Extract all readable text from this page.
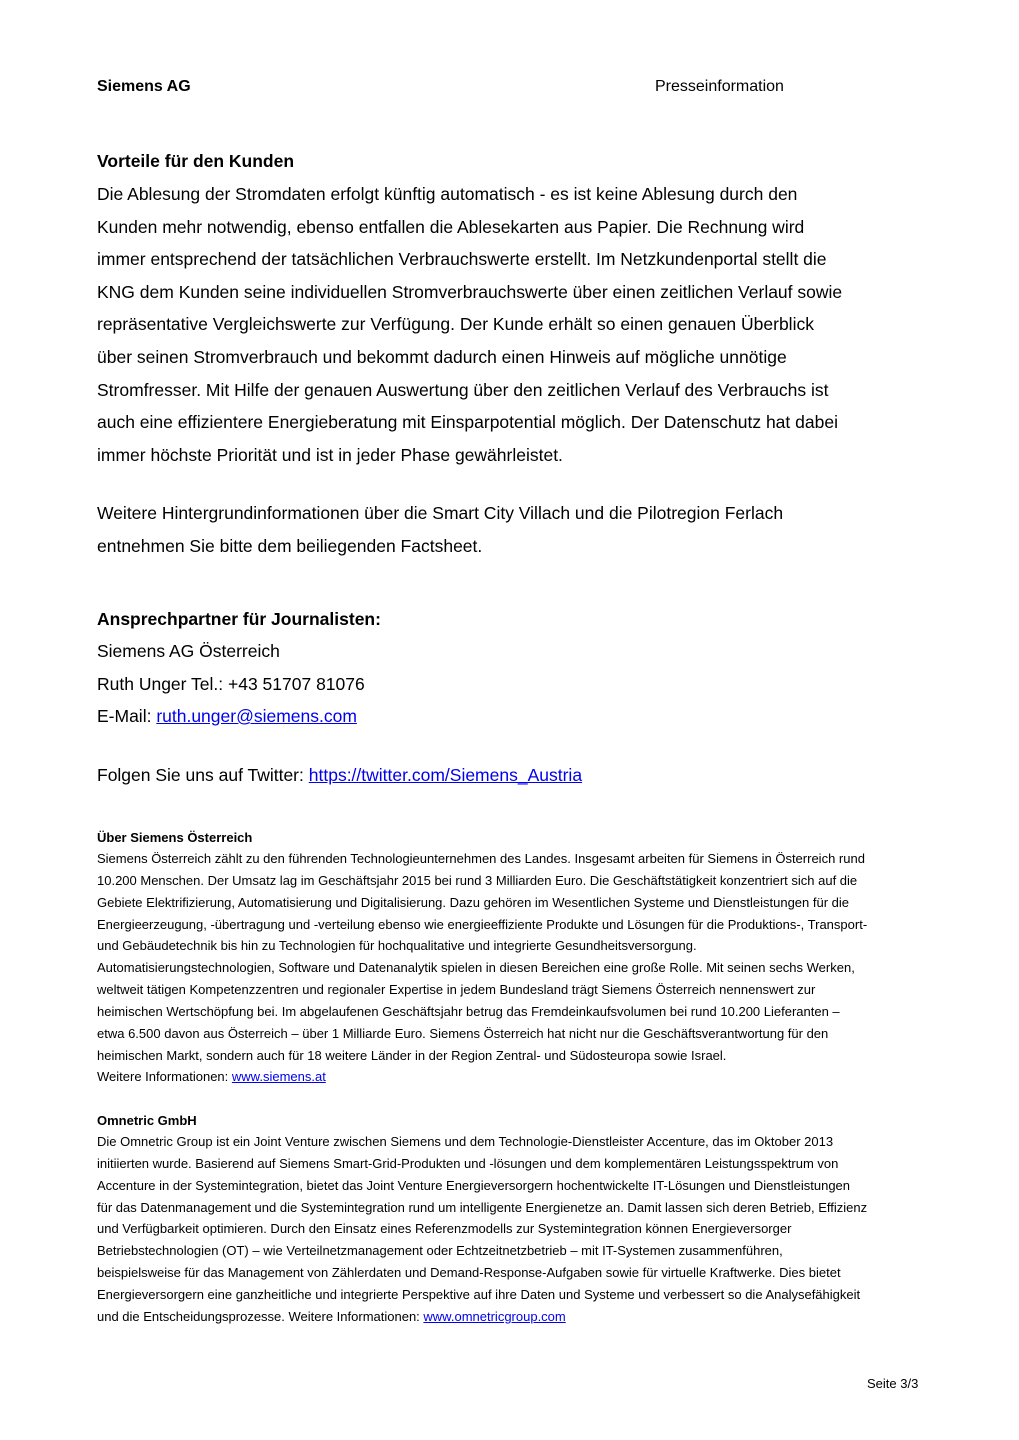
Siemens AG	Presseinformation
Vorteile für den Kunden

Die Ablesung der Stromdaten erfolgt künftig automatisch - es ist keine Ablesung durch den
Kunden mehr notwendig, ebenso entfallen die Ablesekarten aus Papier. Die Rechnung wird
immer entsprechend der tatsächlichen Verbrauchswerte erstellt. Im Netzkundenportal stellt die
KNG dem Kunden seine individuellen Stromverbrauchswerte über einen zeitlichen Verlauf sowie
repräsentative Vergleichswerte zur Verfügung. Der Kunde erhält so einen genauen Überblick
über seinen Stromverbrauch und bekommt dadurch einen Hinweis auf mögliche unnötige
Stromfresser. Mit Hilfe der genauen Auswertung über den zeitlichen Verlauf des Verbrauchs ist
auch eine effizientere Energieberatung mit Einsparpotential möglich. Der Datenschutz hat dabei
immer höchste Priorität und ist in jeder Phase gewährleistet.

Weitere Hintergrundinformationen über die Smart City Villach und die Pilotregion Ferlach
entnehmen Sie bitte dem beiliegenden Factsheet.

Ansprechpartner für Journalisten:
Siemens AG Österreich
Ruth Unger Tel.: +43 51707 81076
E-Mail: ruth.unger@siemens.com
Folgen Sie uns auf Twitter: https://twitter.com/Siemens_Austria
Über Siemens Österreich

Siemens Österreich zählt zu den führenden Technologieunternehmen des Landes. Insgesamt arbeiten für Siemens in Österreich rund
10.200 Menschen. Der Umsatz lag im Geschäftsjahr 2015 bei rund 3 Milliarden Euro. Die Geschäftstätigkeit konzentriert sich auf die
Gebiete Elektrifizierung, Automatisierung und Digitalisierung. Dazu gehören im Wesentlichen Systeme und Dienstleistungen für die
Energieerzeugung, -übertragung und -verteilung ebenso wie energieeffiziente Produkte und Lösungen für die Produktions-, Transport-
und Gebäudetechnik bis hin zu Technologien für hochqualitative und integrierte Gesundheitsversorgung.
Automatisierungstechnologien, Software und Datenanalytik spielen in diesen Bereichen eine große Rolle. Mit seinen sechs Werken,
weltweit tätigen Kompetenzzentren und regionaler Expertise in jedem Bundesland trägt Siemens Österreich nennenswert zur
heimischen Wertschöpfung bei. Im abgelaufenen Geschäftsjahr betrug das Fremdeinkaufsvolumen bei rund 10.200 Lieferanten –
etwa 6.500 davon aus Österreich – über 1 Milliarde Euro. Siemens Österreich hat nicht nur die Geschäftsverantwortung für den
heimischen Markt, sondern auch für 18 weitere Länder in der Region Zentral- und Südosteuropa sowie Israel.
Weitere Informationen: www.siemens.at

Omnetric GmbH

Die Omnetric Group ist ein Joint Venture zwischen Siemens und dem Technologie-Dienstleister Accenture, das im Oktober 2013
initiierten wurde. Basierend auf Siemens Smart-Grid-Produkten und -lösungen und dem komplementären Leistungsspektrum von
Accenture in der Systemintegration, bietet das Joint Venture Energieversorgern hochentwickelte IT-Lösungen und Dienstleistungen
für das Datenmanagement und die Systemintegration rund um intelligente Energienetze an. Damit lassen sich deren Betrieb, Effizienz
und Verfügbarkeit optimieren. Durch den Einsatz eines Referenzmodells zur Systemintegration können Energieversorger
Betriebstechnologien (OT) – wie Verteilnetzmanagement oder Echtzeitnetzbetrieb – mit IT-Systemen zusammenführen,
beispielsweise für das Management von Zählerdaten und Demand-Response-Aufgaben sowie für virtuelle Kraftwerke. Dies bietet
Energieversorgern eine ganzheitliche und integrierte Perspektive auf ihre Daten und Systeme und verbessert so die Analysefähigkeit
und die Entscheidungsprozesse. Weitere Informationen: www.omnetricgroup.com

Seite 3/3
